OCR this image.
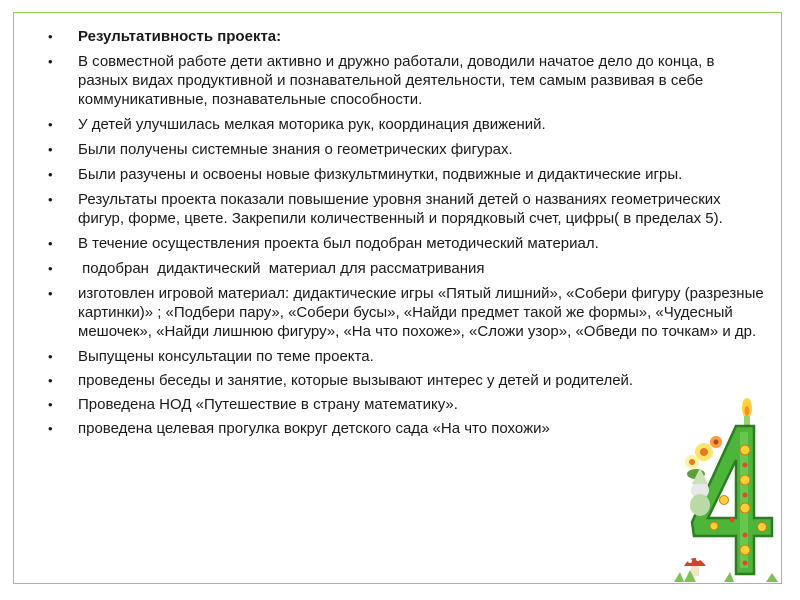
• Результативность проекта:
• В совместной работе дети активно и дружно работали, доводили начатое дело до конца, в разных видах продуктивной и познавательной деятельности, тем самым развивая в себе коммуникативные, познавательные способности.
• У детей улучшилась мелкая моторика рук, координация движений.
• Были получены системные знания о геометрических фигурах.
• Были разучены и освоены новые физкультминутки, подвижные и дидактические игры.
• Результаты проекта показали повышение уровня знаний детей о названиях геометрических фигур, форме, цвете. Закрепили количественный и порядковый счет, цифры( в пределах 5).
• В течение осуществления проекта был подобран методический материал.
• подобран  дидактический  материал для рассматривания
• изготовлен игровой материал: дидактические игры «Пятый лишний», «Собери фигуру (разрезные картинки)» ; «Подбери пару», «Собери бусы», «Найди предмет такой же формы», «Чудесный мешочек», «Найди лишнюю фигуру», «На что похоже», «Сложи узор», «Обведи по точкам» и др.
• Выпущены консультации по теме проекта.
• проведены беседы и занятие, которые вызывают интерес у детей и родителей.
• Проведена НОД «Путешествие в страну математику».
• проведена целевая прогулка вокруг детского сада «На что похожи»
